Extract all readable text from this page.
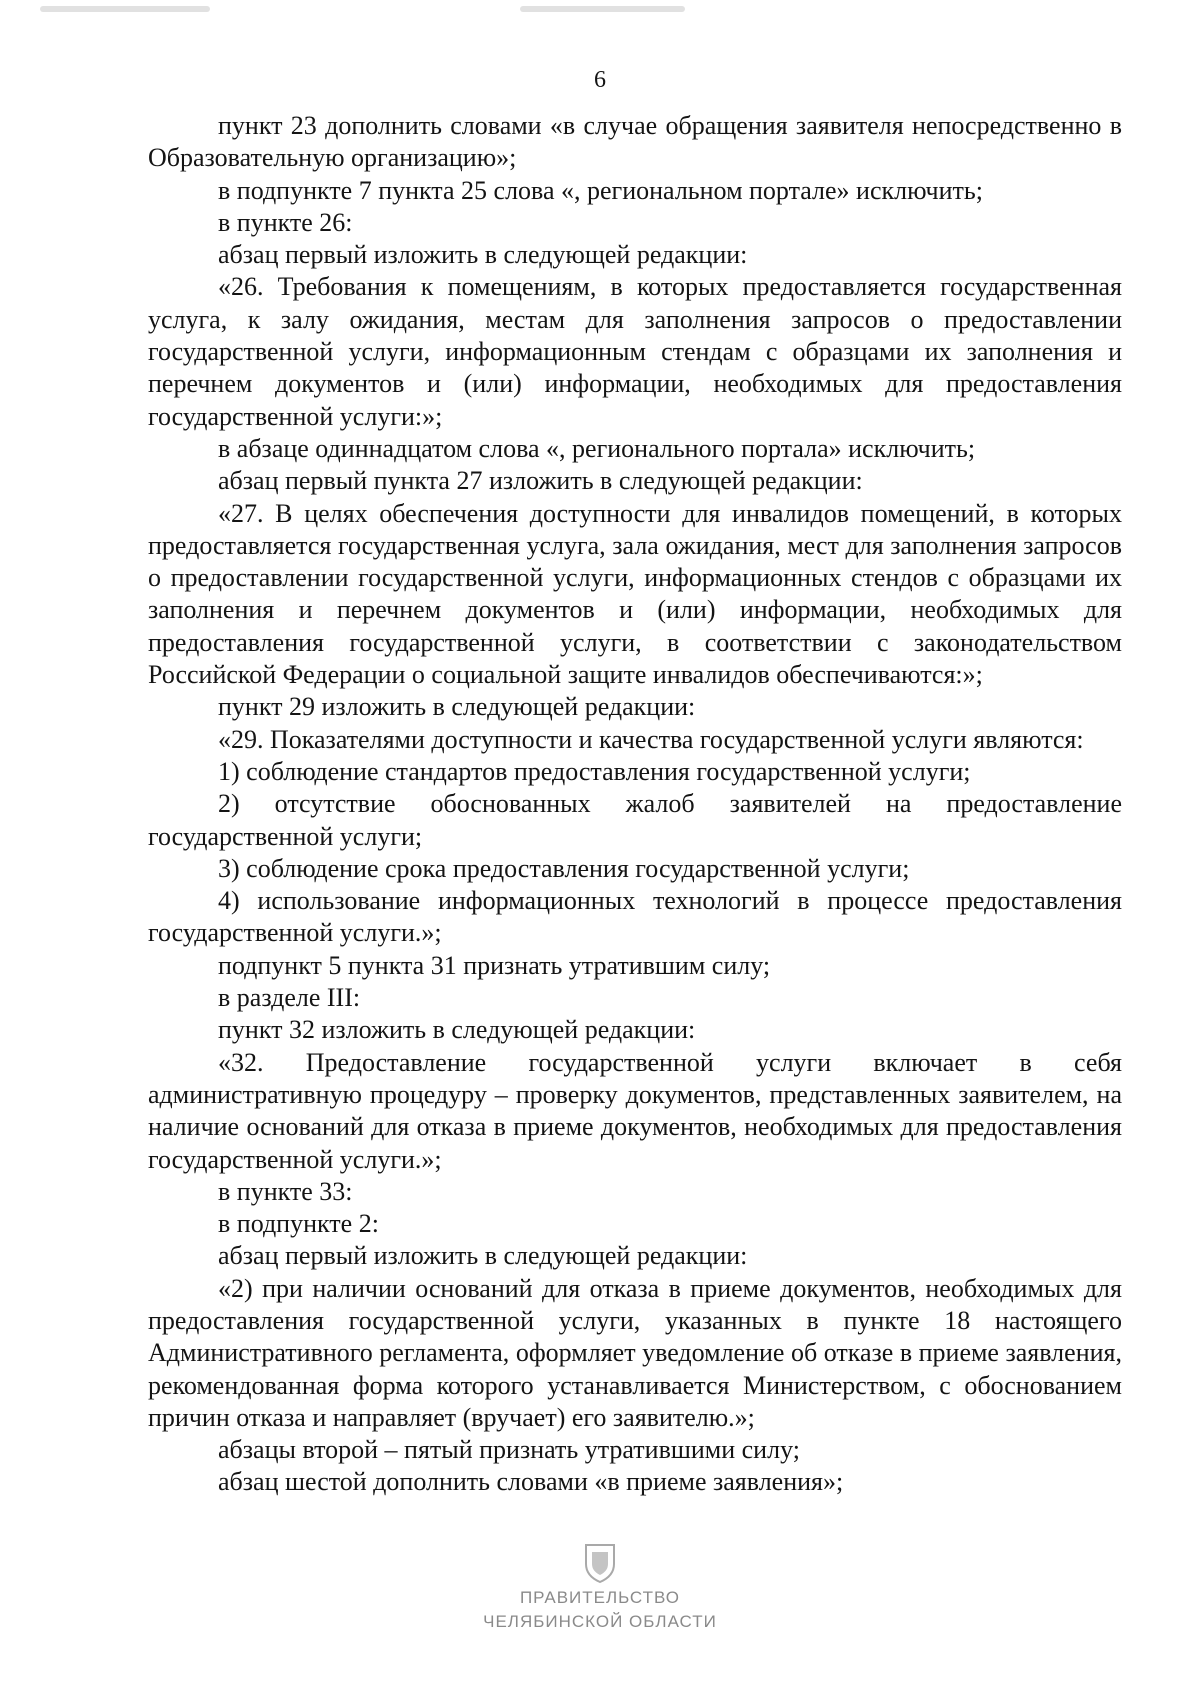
6

пункт 23 дополнить словами «в случае обращения заявителя непосредственно в Образовательную организацию»;

в подпункте 7 пункта 25 слова «, региональном портале» исключить;

в пункте 26:

абзац первый изложить в следующей редакции:

«26. Требования к помещениям, в которых предоставляется государственная услуга, к залу ожидания, местам для заполнения запросов о предоставлении государственной услуги, информационным стендам с образцами их заполнения и перечнем документов и (или) информации, необходимых для предоставления государственной услуги:»;

в абзаце одиннадцатом слова «, регионального портала» исключить;

абзац первый пункта 27 изложить в следующей редакции:

«27. В целях обеспечения доступности для инвалидов помещений, в которых предоставляется государственная услуга, зала ожидания, мест для заполнения запросов о предоставлении государственной услуги, информационных стендов с образцами их заполнения и перечнем документов и (или) информации, необходимых для предоставления государственной услуги, в соответствии с законодательством Российской Федерации о социальной защите инвалидов обеспечиваются:»;

пункт 29 изложить в следующей редакции:

«29. Показателями доступности и качества государственной услуги являются:

1) соблюдение стандартов предоставления государственной услуги;

2) отсутствие обоснованных жалоб заявителей на предоставление государственной услуги;

3) соблюдение срока предоставления государственной услуги;

4) использование информационных технологий в процессе предоставления государственной услуги.»;

подпункт 5 пункта 31 признать утратившим силу;

в разделе III:

пункт 32 изложить в следующей редакции:

«32. Предоставление государственной услуги включает в себя административную процедуру – проверку документов, представленных заявителем, на наличие оснований для отказа в приеме документов, необходимых для предоставления государственной услуги.»;

в пункте 33:

в подпункте 2:

абзац первый изложить в следующей редакции:

«2) при наличии оснований для отказа в приеме документов, необходимых для предоставления государственной услуги, указанных в пункте 18 настоящего Административного регламента, оформляет уведомление об отказе в приеме заявления, рекомендованная форма которого устанавливается Министерством, с обоснованием причин отказа и направляет (вручает) его заявителю.»;

абзацы второй – пятый признать утратившими силу;

абзац шестой дополнить словами «в приеме заявления»;

ПРАВИТЕЛЬСТВО
ЧЕЛЯБИНСКОЙ ОБЛАСТИ
